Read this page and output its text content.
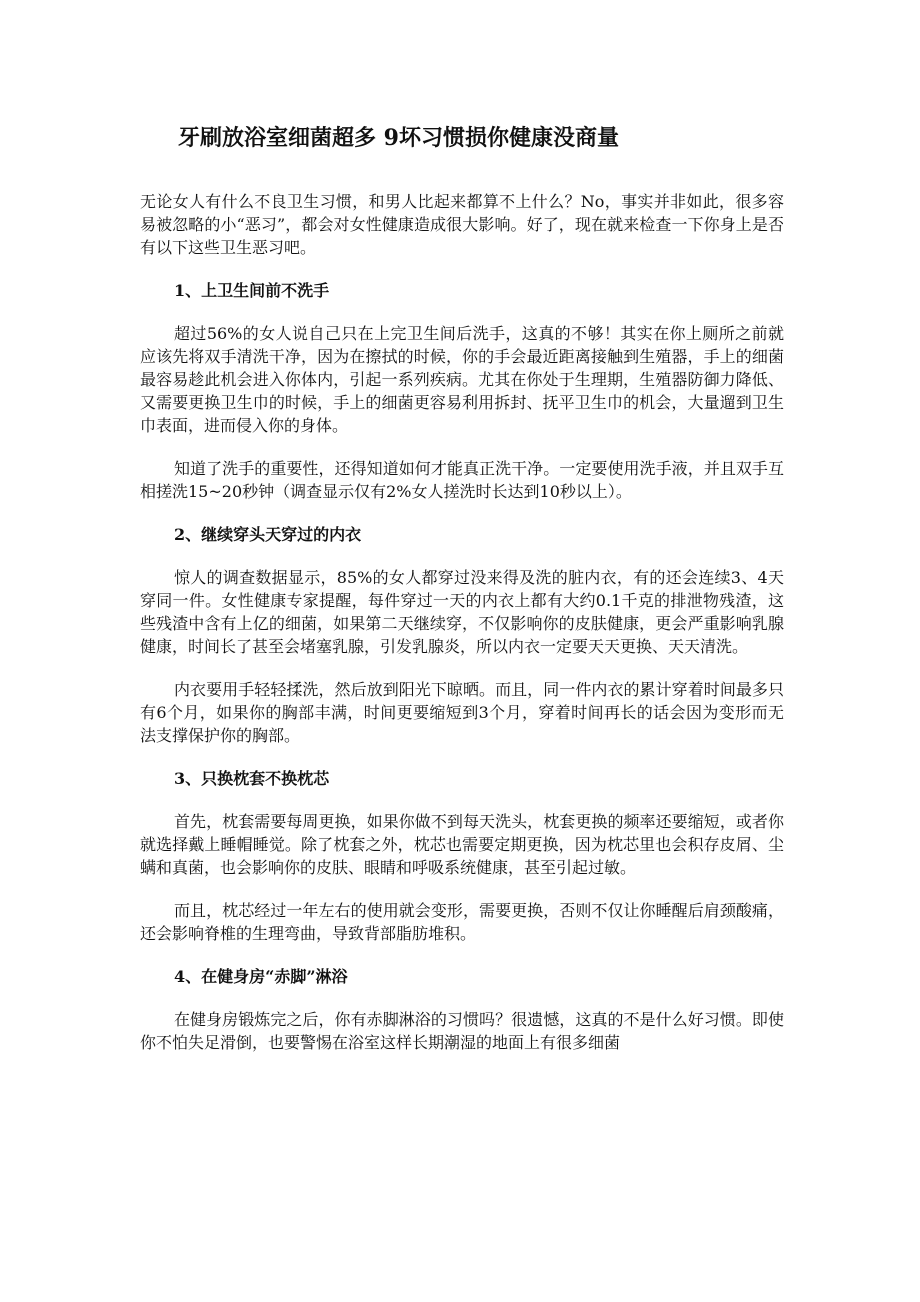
牙刷放浴室细菌超多 9坏习惯损你健康没商量

无论女人有什么不良卫生习惯，和男人比起来都算不上什么？No，事实并非如此，很多容易被忽略的小“恶习”，都会对女性健康造成很大影响。好了，现在就来检查一下你身上是否有以下这些卫生恶习吧。

1、上卫生间前不洗手

超过56%的女人说自己只在上完卫生间后洗手，这真的不够！其实在你上厕所之前就应该先将双手清洗干净，因为在擦拭的时候，你的手会最近距离接触到生殖器，手上的细菌最容易趁此机会进入你体内，引起一系列疾病。尤其在你处于生理期，生殖器防御力降低、又需要更换卫生巾的时候，手上的细菌更容易利用拆封、抚平卫生巾的机会，大量遛到卫生巾表面，进而侵入你的身体。

知道了洗手的重要性，还得知道如何才能真正洗干净。一定要使用洗手液，并且双手互相搓洗15~20秒钟（调查显示仅有2%女人搓洗时长达到10秒以上）。

2、继续穿头天穿过的内衣

惊人的调查数据显示，85%的女人都穿过没来得及洗的脏内衣，有的还会连续3、4天穿同一件。女性健康专家提醒，每件穿过一天的内衣上都有大约0.1千克的排泄物残渣，这些残渣中含有上亿的细菌，如果第二天继续穿，不仅影响你的皮肤健康，更会严重影响乳腺健康，时间长了甚至会堵塞乳腺，引发乳腺炎，所以内衣一定要天天更换、天天清洗。

内衣要用手轻轻揉洗，然后放到阳光下晾晒。而且，同一件内衣的累计穿着时间最多只有6个月，如果你的胸部丰满，时间更要缩短到3个月，穿着时间再长的话会因为变形而无法支撑保护你的胸部。

3、只换枕套不换枕芯

首先，枕套需要每周更换，如果你做不到每天洗头，枕套更换的频率还要缩短，或者你就选择戴上睡帽睡觉。除了枕套之外，枕芯也需要定期更换，因为枕芯里也会积存皮屑、尘螨和真菌，也会影响你的皮肤、眼睛和呼吸系统健康，甚至引起过敏。

而且，枕芯经过一年左右的使用就会变形，需要更换，否则不仅让你睡醒后肩颈酸痛，还会影响脊椎的生理弯曲，导致背部脂肪堆积。

4、在健身房“赤脚”淋浴

在健身房锻炼完之后，你有赤脚淋浴的习惯吗？很遗憾，这真的不是什么好习惯。即使你不怕失足滑倒，也要警惕在浴室这样长期潮湿的地面上有很多细菌
